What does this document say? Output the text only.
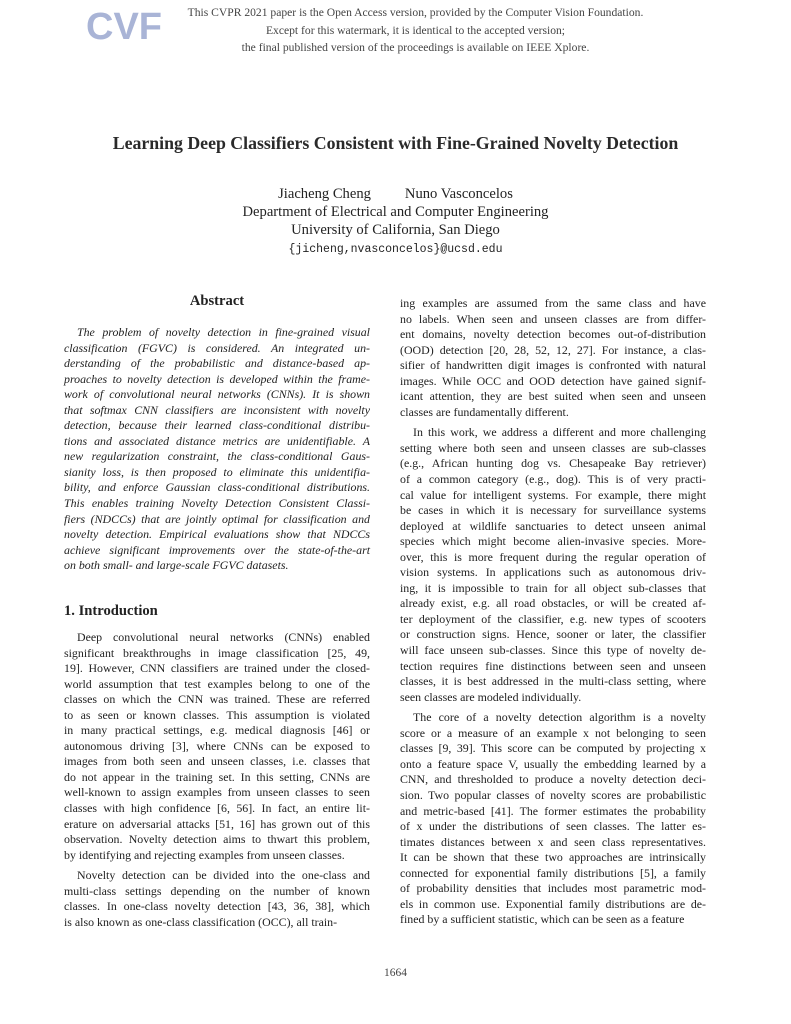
CVF	This CVPR 2021 paper is the Open Access version, provided by the Computer Vision Foundation.
Except for this watermark, it is identical to the accepted version;
the final published version of the proceedings is available on IEEE Xplore.
Learning Deep Classifiers Consistent with Fine-Grained Novelty Detection
Jiacheng Cheng Nuno Vasconcelos
Department of Electrical and Computer Engineering
University of California, San Diego
{jicheng,nvasconcelos}@ucsd.edu
Abstract

The problem of novelty detection in fine-grained visual
classification (FGVC) is considered. An integrated un-
derstanding of the probabilistic and distance-based ap-
proaches to novelty detection is developed within the frame-
work of convolutional neural networks (CNNs). It is shown
that softmax CNN classifiers are inconsistent with novelty
detection, because their learned class-conditional distribu-
tions and associated distance metrics are unidentifiable. A
new regularization constraint, the class-conditional Gaus-
sianity loss, is then proposed to eliminate this unidentifia-
bility, and enforce Gaussian class-conditional distributions.
This enables training Novelty Detection Consistent Classi-
fiers (NDCCs) that are jointly optimal for classification and
novelty detection. Empirical evaluations show that NDCCs
achieve significant improvements over the state-of-the-art
on both small- and large-scale FGVC datasets.

1. Introduction

Deep convolutional neural networks (CNNs) enabled
significant breakthroughs in image classification [25, 49,
19]. However, CNN classifiers are trained under the closed-
world assumption that test examples belong to one of the
classes on which the CNN was trained. These are referred
to as seen or known classes. This assumption is violated
in many practical settings, e.g. medical diagnosis [46] or
autonomous driving [3], where CNNs can be exposed to
images from both seen and unseen classes, i.e. classes that
do not appear in the training set. In this setting, CNNs are
well-known to assign examples from unseen classes to seen
classes with high confidence [6, 56]. In fact, an entire lit-
erature on adversarial attacks [51, 16] has grown out of this
observation. Novelty detection aims to thwart this problem,
by identifying and rejecting examples from unseen classes.

Novelty detection can be divided into the one-class and
multi-class settings depending on the number of known
classes. In one-class novelty detection [43, 36, 38], which
is also known as one-class classification (OCC), all train-

ing examples are assumed from the same class and have
no labels. When seen and unseen classes are from differ-
ent domains, novelty detection becomes out-of-distribution
(OOD) detection [20, 28, 52, 12, 27]. For instance, a clas-
sifier of handwritten digit images is confronted with natural
images. While OCC and OOD detection have gained signif-
icant attention, they are best suited when seen and unseen
classes are fundamentally different.

In this work, we address a different and more challenging
setting where both seen and unseen classes are sub-classes
(e.g., African hunting dog vs. Chesapeake Bay retriever)
of a common category (e.g., dog). This is of very practi-
cal value for intelligent systems. For example, there might
be cases in which it is necessary for surveillance systems
deployed at wildlife sanctuaries to detect unseen animal
species which might become alien-invasive species. More-
over, this is more frequent during the regular operation of
vision systems. In applications such as autonomous driv-
ing, it is impossible to train for all object sub-classes that
already exist, e.g. all road obstacles, or will be created af-
ter deployment of the classifier, e.g. new types of scooters
or construction signs. Hence, sooner or later, the classifier
will face unseen sub-classes. Since this type of novelty de-
tection requires fine distinctions between seen and unseen
classes, it is best addressed in the multi-class setting, where
seen classes are modeled individually.

The core of a novelty detection algorithm is a novelty
score or a measure of an example x not belonging to seen
classes [9, 39]. This score can be computed by projecting x
onto a feature space V, usually the embedding learned by a
CNN, and thresholded to produce a novelty detection deci-
sion. Two popular classes of novelty scores are probabilistic
and metric-based [41]. The former estimates the probability
of x under the distributions of seen classes. The latter es-
timates distances between x and seen class representatives.
It can be shown that these two approaches are intrinsically
connected for exponential family distributions [5], a family
of probability densities that includes most parametric mod-
els in common use. Exponential family distributions are de-
fined by a sufficient statistic, which can be seen as a feature

1664
